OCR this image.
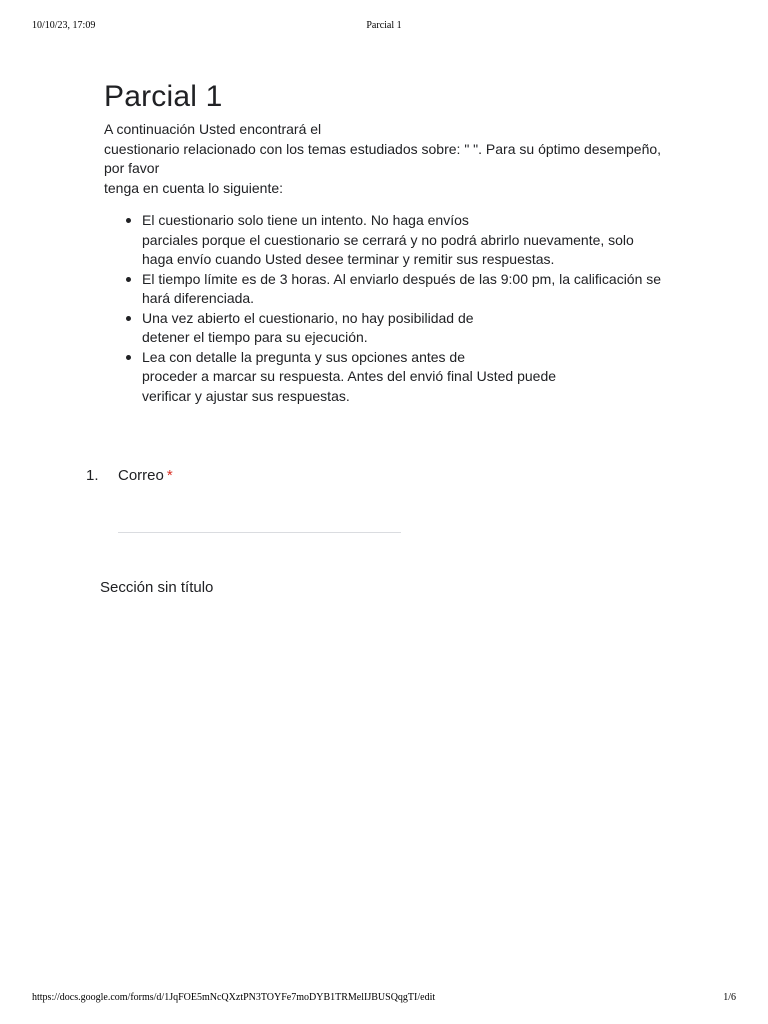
10/10/23, 17:09	Parcial 1
Parcial 1
A continuación Usted encontrará el
cuestionario relacionado con los temas estudiados sobre: " ". Para su óptimo desempeño,
por favor
tenga en cuenta lo siguiente:
El cuestionario solo tiene un intento. No haga envíos
parciales porque el cuestionario se cerrará y no podrá abrirlo nuevamente, solo
haga envío cuando Usted desee terminar y remitir sus respuestas.
El tiempo límite es de 3 horas. Al enviarlo después de las 9:00 pm, la calificación se
hará diferenciada.
Una vez abierto el cuestionario, no hay posibilidad de
detener el tiempo para su ejecución.
Lea con detalle la pregunta y sus opciones antes de
proceder a marcar su respuesta. Antes del envió final Usted puede
verificar y ajustar sus respuestas.
1. Correo *
Sección sin título
https://docs.google.com/forms/d/1JqFOE5mNcQXztPN3TOYFe7moDYB1TRMelIJBUSQqgTI/edit	1/6
